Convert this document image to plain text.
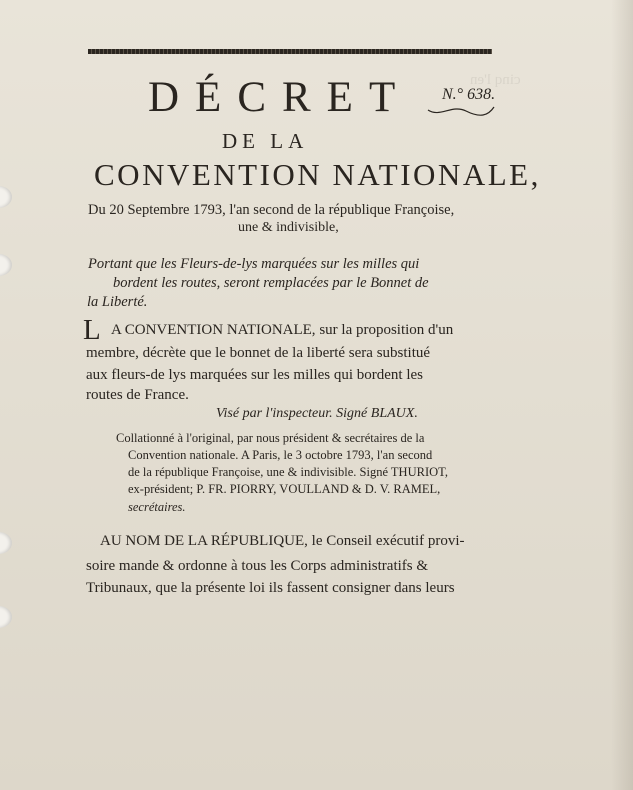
cinq l'en
DÉCRET N.° 638.
DE LA
CONVENTION NATIONALE,
Du 20 Septembre 1793, l'an second de la république Françoise,
une & indivisible,
Portant que les Fleurs-de-lys marquées sur les milles qui
bordent les routes, seront remplacées par le Bonnet de
la Liberté.
L A CONVENTION NATIONALE, sur la proposition d'un
membre, décrète que le bonnet de la liberté sera substitué
aux fleurs-de lys marquées sur les milles qui bordent les
routes de France.
Visé par l'inspecteur. Signé BLAUX.
Collationné à l'original, par nous président & secrétaires de la
Convention nationale. A Paris, le 3 octobre 1793, l'an second
de la république Françoise, une & indivisible. Signé THURIOT,
ex-président; P. FR. PIORRY, VOULLAND & D. V. RAMEL,
secrétaires.
AU NOM DE LA RÉPUBLIQUE, le Conseil exécutif provi-
soire mande & ordonne à tous les Corps administratifs &
Tribunaux, que la présente loi ils fassent consigner dans leurs
